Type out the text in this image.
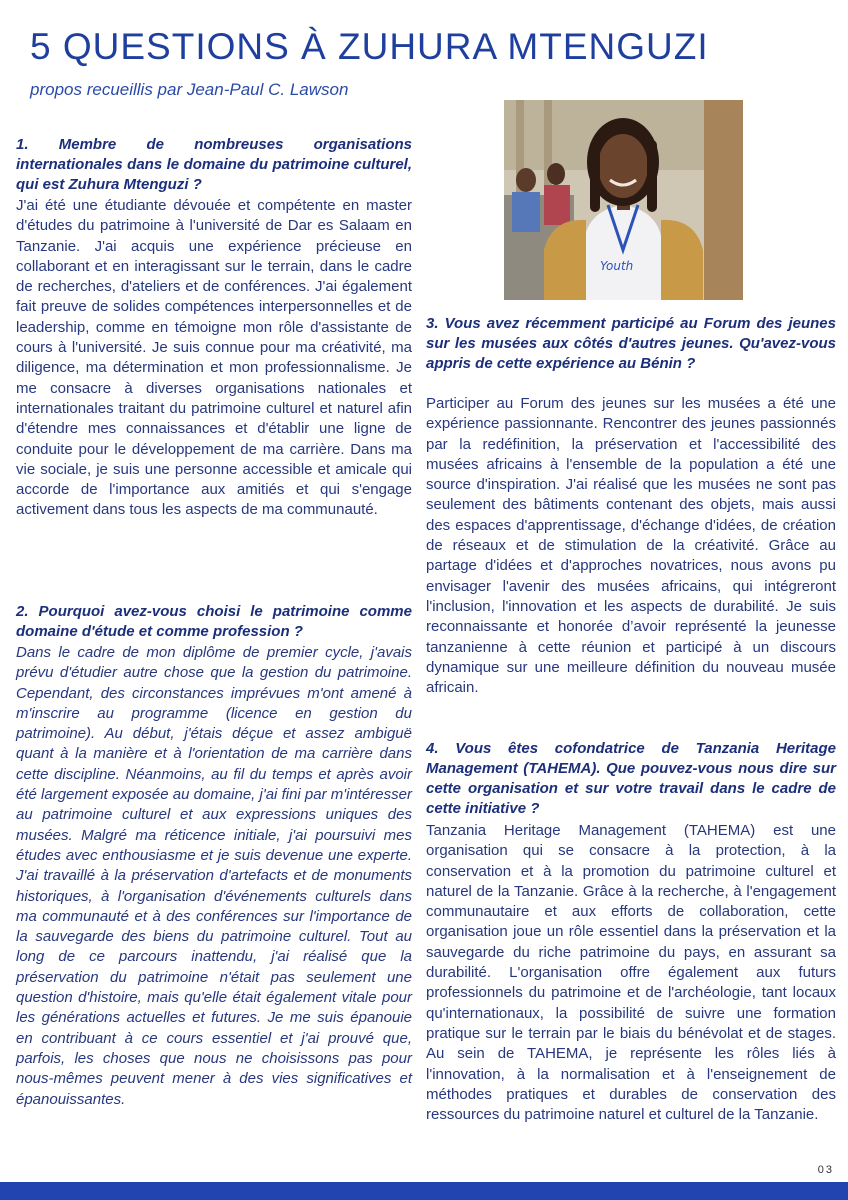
5 QUESTIONS À ZUHURA MTENGUZI

propos recueillis par Jean-Paul C. Lawson

1. Membre de nombreuses organisations internationales dans le domaine du patrimoine culturel, qui est Zuhura Mtenguzi ?

J'ai été une étudiante dévouée et compétente en master d'études du patrimoine à l'université de Dar es Salaam en Tanzanie. J'ai acquis une expérience précieuse en collaborant et en interagissant sur le terrain, dans le cadre de recherches, d'ateliers et de conférences. J'ai également fait preuve de solides compétences interpersonnelles et de leadership, comme en témoigne mon rôle d'assistante de cours à l'université. Je suis connue pour ma créativité, ma diligence, ma détermination et mon professionnalisme. Je me consacre à diverses organisations nationales et internationales traitant du patrimoine culturel et naturel afin d'étendre mes connaissances et d'établir une ligne de conduite pour le développement de ma carrière. Dans ma vie sociale, je suis une personne accessible et amicale qui accorde de l'importance aux amitiés et qui s'engage activement dans tous les aspects de ma communauté.

2. Pourquoi avez-vous choisi le patrimoine comme domaine d'étude et comme profession ?

Dans le cadre de mon diplôme de premier cycle, j'avais prévu d'étudier autre chose que la gestion du patrimoine. Cependant, des circonstances imprévues m'ont amené à m'inscrire au programme (licence en gestion du patrimoine). Au début, j'étais déçue et assez ambiguë quant à la manière et à l'orientation de ma carrière dans cette discipline. Néanmoins, au fil du temps et après avoir été largement exposée au domaine, j'ai fini par m'intéresser au patrimoine culturel et aux expressions uniques des musées. Malgré ma réticence initiale, j'ai poursuivi mes études avec enthousiasme et je suis devenue une experte. J'ai travaillé à la préservation d'artefacts et de monuments historiques, à l'organisation d'événements culturels dans ma communauté et à des conférences sur l'importance de la sauvegarde des biens du patrimoine culturel. Tout au long de ce parcours inattendu, j'ai réalisé que la préservation du patrimoine n'était pas seulement une question d'histoire, mais qu'elle était également vitale pour les générations actuelles et futures. Je me suis épanouie en contribuant à ce cours essentiel et j'ai prouvé que, parfois, les choses que nous ne choisissons pas pour nous-mêmes peuvent mener à des vies significatives et épanouissantes.

Youth

3. Vous avez récemment participé au Forum des jeunes sur les musées aux côtés d'autres jeunes. Qu'avez-vous appris de cette expérience au Bénin ?

Participer au Forum des jeunes sur les musées a été une expérience passionnante. Rencontrer des jeunes passionnés par la redéfinition, la préservation et l'accessibilité des musées africains à l'ensemble de la population a été une source d'inspiration. J'ai réalisé que les musées ne sont pas seulement des bâtiments contenant des objets, mais aussi des espaces d'apprentissage, d'échange d'idées, de création de réseaux et de stimulation de la créativité. Grâce au partage d'idées et d'approches novatrices, nous avons pu envisager l'avenir des musées africains, qui intégreront l'inclusion, l'innovation et les aspects de durabilité. Je suis reconnaissante et honorée d’avoir représenté la jeunesse tanzanienne à cette réunion et participé à un discours dynamique sur une meilleure définition du nouveau musée africain.

4. Vous êtes cofondatrice de Tanzania Heritage Management (TAHEMA). Que pouvez-vous nous dire sur cette organisation et sur votre travail dans le cadre de cette initiative ?

Tanzania Heritage Management (TAHEMA) est une organisation qui se consacre à la protection, à la conservation et à la promotion du patrimoine culturel et naturel de la Tanzanie. Grâce à la recherche, à l'engagement communautaire et aux efforts de collaboration, cette organisation joue un rôle essentiel dans la préservation et la sauvegarde du riche patrimoine du pays, en assurant sa durabilité. L'organisation offre également aux futurs professionnels du patrimoine et de l'archéologie, tant locaux qu'internationaux, la possibilité de suivre une formation pratique sur le terrain par le biais du bénévolat et de stages. Au sein de TAHEMA, je représente les rôles liés à l'innovation, à la normalisation et à l'enseignement de méthodes pratiques et durables de conservation des ressources du patrimoine naturel et culturel de la Tanzanie.

03
